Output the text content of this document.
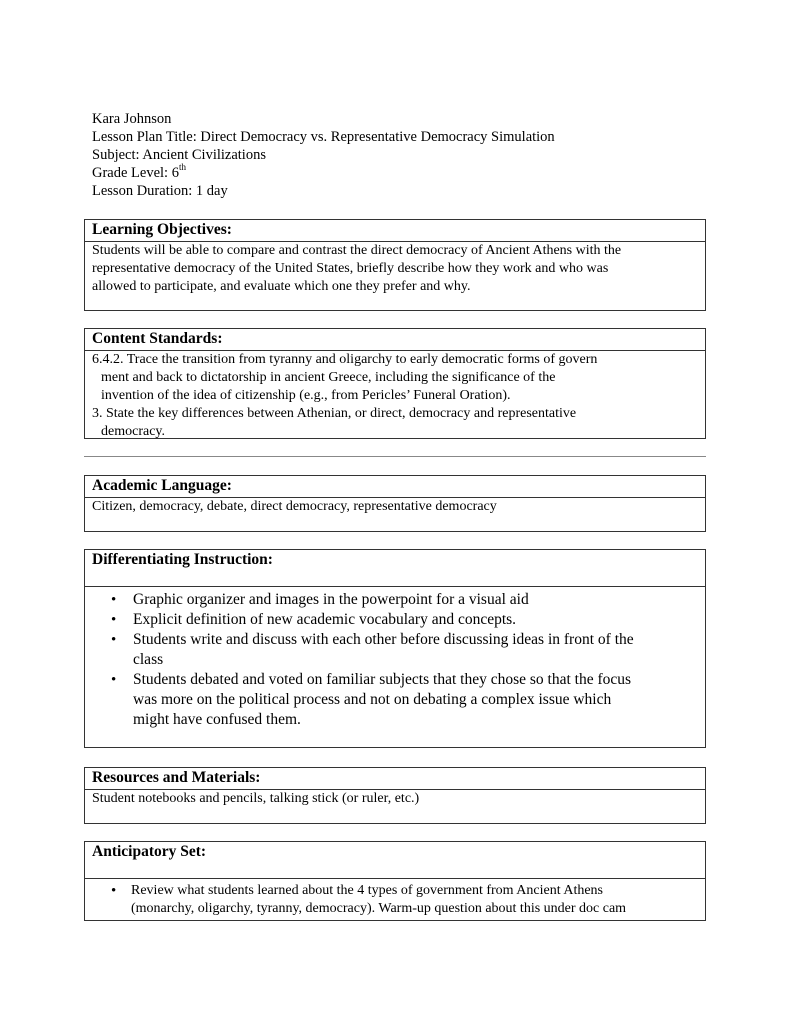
Kara Johnson
Lesson Plan Title: Direct Democracy vs. Representative Democracy Simulation
Subject: Ancient Civilizations
Grade Level: 6th
Lesson Duration: 1 day
Learning Objectives:
Students will be able to compare and contrast the direct democracy of Ancient Athens with the
representative democracy of the United States, briefly describe how they work and who was
allowed to participate, and evaluate which one they prefer and why.
Content Standards:
6.4.2. Trace the transition from tyranny and oligarchy to early democratic forms of govern
ment and back to dictatorship in ancient Greece, including the significance of the
invention of the idea of citizenship (e.g., from Pericles’ Funeral Oration).
3. State the key differences between Athenian, or direct, democracy and representative
democracy.
Academic Language:
Citizen, democracy, debate, direct democracy, representative democracy
Differentiating Instruction:
• Graphic organizer and images in the powerpoint for a visual aid
• Explicit definition of new academic vocabulary and concepts.
• Students write and discuss with each other before discussing ideas in front of the
class
• Students debated and voted on familiar subjects that they chose so that the focus
was more on the political process and not on debating a complex issue which
might have confused them.
Resources and Materials:
Student notebooks and pencils, talking stick (or ruler, etc.)
Anticipatory Set:
• Review what students learned about the 4 types of government from Ancient Athens
(monarchy, oligarchy, tyranny, democracy). Warm-up question about this under doc cam
